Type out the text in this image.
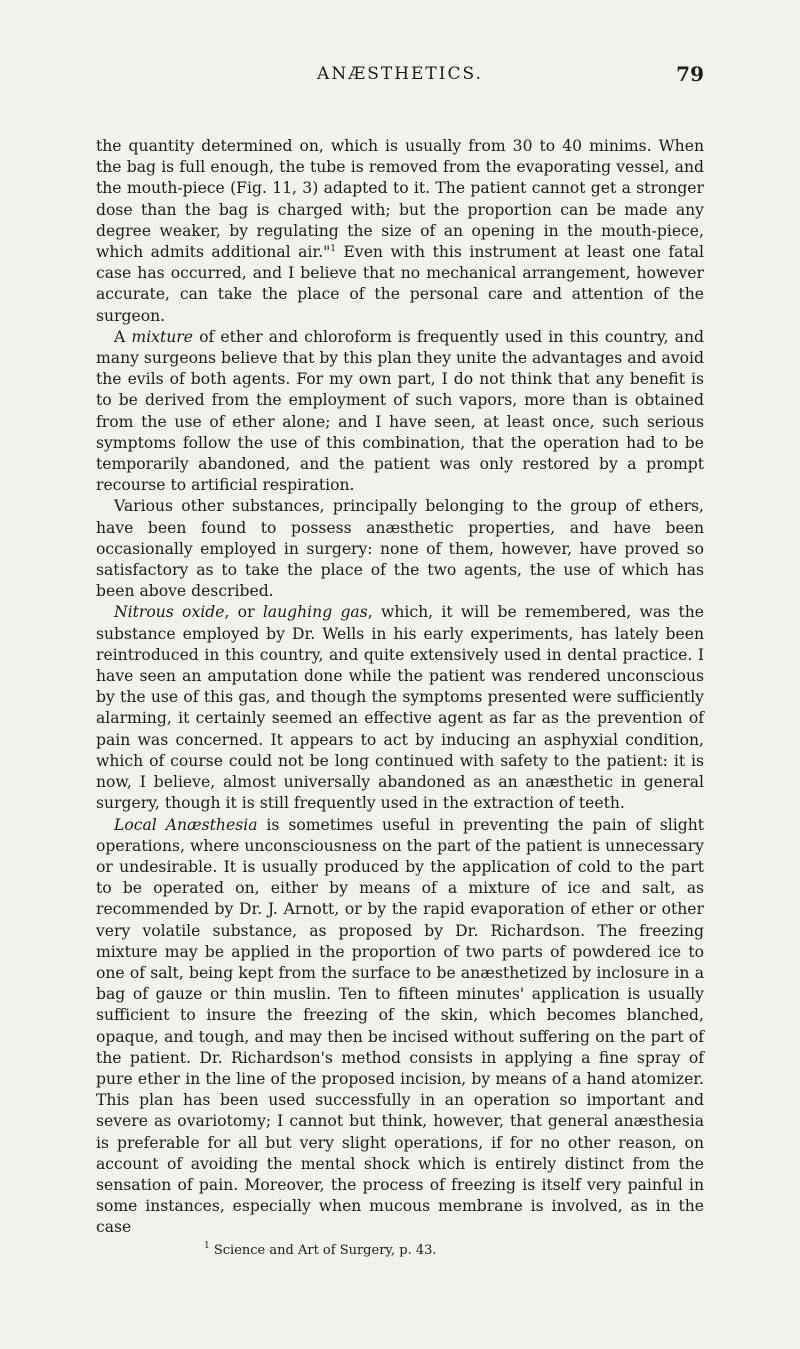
ANÆSTHETICS.	79

the quantity determined on, which is usually from 30 to 40 minims. When the bag is full enough, the tube is removed from the evaporating vessel, and the mouth-piece (Fig. 11, 3) adapted to it. The patient cannot get a stronger dose than the bag is charged with; but the proportion can be made any degree weaker, by regulating the size of an opening in the mouth-piece, which admits additional air."$^1$ Even with this instrument at least one fatal case has occurred, and I believe that no mechanical arrangement, however accurate, can take the place of the personal care and attention of the surgeon.

A mixture of ether and chloroform is frequently used in this country, and many surgeons believe that by this plan they unite the advantages and avoid the evils of both agents. For my own part, I do not think that any benefit is to be derived from the employment of such vapors, more than is obtained from the use of ether alone; and I have seen, at least once, such serious symptoms follow the use of this combination, that the operation had to be temporarily abandoned, and the patient was only restored by a prompt recourse to artificial respiration.

Various other substances, principally belonging to the group of ethers, have been found to possess anæsthetic properties, and have been occasionally employed in surgery: none of them, however, have proved so satisfactory as to take the place of the two agents, the use of which has been above described.

Nitrous oxide, or laughing gas, which, it will be remembered, was the substance employed by Dr. Wells in his early experiments, has lately been reintroduced in this country, and quite extensively used in dental practice. I have seen an amputation done while the patient was rendered unconscious by the use of this gas, and though the symptoms presented were sufficiently alarming, it certainly seemed an effective agent as far as the prevention of pain was concerned. It appears to act by inducing an asphyxial condition, which of course could not be long continued with safety to the patient: it is now, I believe, almost universally abandoned as an anæsthetic in general surgery, though it is still frequently used in the extraction of teeth.

Local Anæsthesia is sometimes useful in preventing the pain of slight operations, where unconsciousness on the part of the patient is unnecessary or undesirable. It is usually produced by the application of cold to the part to be operated on, either by means of a mixture of ice and salt, as recommended by Dr. J. Arnott, or by the rapid evaporation of ether or other very volatile substance, as proposed by Dr. Richardson. The freezing mixture may be applied in the proportion of two parts of powdered ice to one of salt, being kept from the surface to be anæsthetized by inclosure in a bag of gauze or thin muslin. Ten to fifteen minutes' application is usually sufficient to insure the freezing of the skin, which becomes blanched, opaque, and tough, and may then be incised without suffering on the part of the patient. Dr. Richardson's method consists in applying a fine spray of pure ether in the line of the proposed incision, by means of a hand atomizer. This plan has been used successfully in an operation so important and severe as ovariotomy; I cannot but think, however, that general anæsthesia is preferable for all but very slight operations, if for no other reason, on account of avoiding the mental shock which is entirely distinct from the sensation of pain. Moreover, the process of freezing is itself very painful in some instances, especially when mucous membrane is involved, as in the case

$^1$ Science and Art of Surgery, p. 43.
